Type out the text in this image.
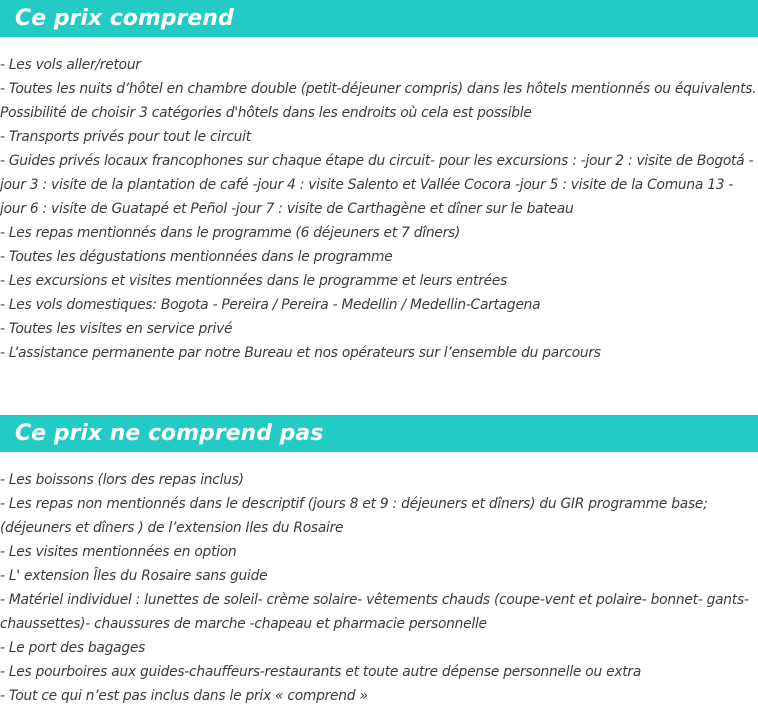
Ce prix comprend
- Les vols aller/retour
- Toutes les nuits d’hôtel en chambre double (petit-déjeuner compris) dans les hôtels mentionnés ou équivalents. Possibilité de choisir 3 catégories d'hôtels dans les endroits où cela est possible
- Transports privés pour tout le circuit
- Guides privés locaux francophones sur chaque étape du circuit- pour les excursions : -jour 2 : visite de Bogotá -jour 3 : visite de la plantation de café -jour 4 : visite Salento et Vallée Cocora -jour 5 : visite de la Comuna 13 -jour 6 : visite de Guatapé et Peñol -jour 7 : visite de Carthagène et dîner sur le bateau
- Les repas mentionnés dans le programme (6 déjeuners et 7 dîners)
- Toutes les dégustations mentionnées dans le programme
- Les excursions et visites mentionnées dans le programme et leurs entrées
- Les vols domestiques: Bogota - Pereira / Pereira - Medellin / Medellin-Cartagena
- Toutes les visites en service privé
- L’assistance permanente par notre Bureau et nos opérateurs sur l’ensemble du parcours
Ce prix ne comprend pas
- Les boissons (lors des repas inclus)
- Les repas non mentionnés dans le descriptif (jours 8 et 9 : déjeuners et dîners) du GIR programme base; (déjeuners et dîners ) de l’extension Iles du Rosaire
- Les visites mentionnées en option
- L' extension Îles du Rosaire sans guide
- Matériel individuel : lunettes de soleil- crème solaire- vêtements chauds (coupe-vent et polaire- bonnet- gants- chaussettes)- chaussures de marche -chapeau et pharmacie personnelle
- Le port des bagages
- Les pourboires aux guides-chauffeurs-restaurants et toute autre dépense personnelle ou extra
- Tout ce qui n’est pas inclus dans le prix « comprend »
